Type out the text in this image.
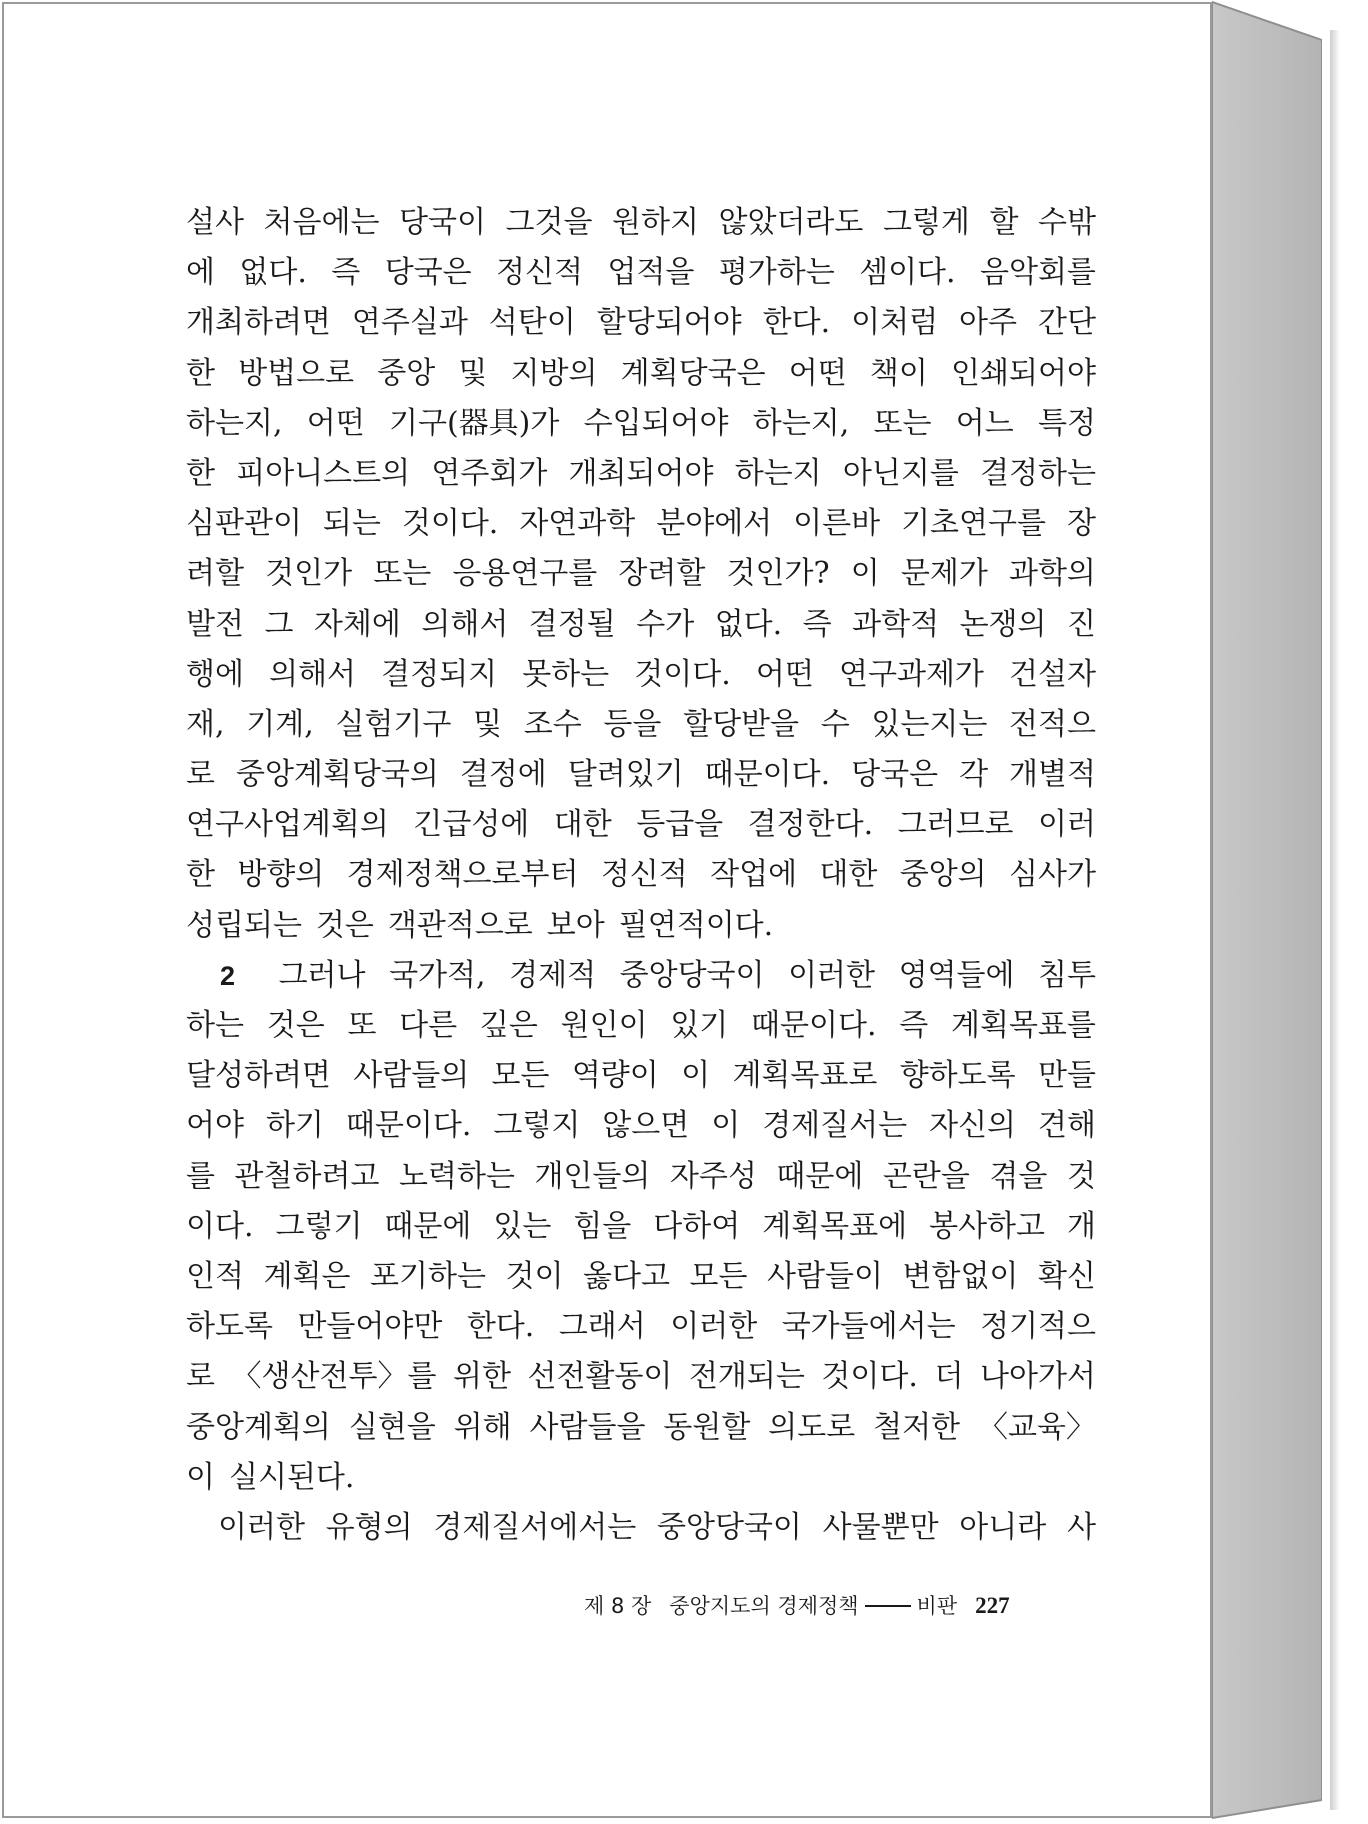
설사 처음에는 당국이 그것을 원하지 않았더라도 그렇게 할 수밖
에 없다. 즉 당국은 정신적 업적을 평가하는 셈이다. 음악회를
개최하려면 연주실과 석탄이 할당되어야 한다. 이처럼 아주 간단
한 방법으로 중앙 및 지방의 계획당국은 어떤 책이 인쇄되어야
하는지, 어떤 기구(器具)가 수입되어야 하는지, 또는 어느 특정
한 피아니스트의 연주회가 개최되어야 하는지 아닌지를 결정하는
심판관이 되는 것이다. 자연과학 분야에서 이른바 기초연구를 장
려할 것인가 또는 응용연구를 장려할 것인가? 이 문제가 과학의
발전 그 자체에 의해서 결정될 수가 없다. 즉 과학적 논쟁의 진
행에 의해서 결정되지 못하는 것이다. 어떤 연구과제가 건설자
재, 기계, 실험기구 및 조수 등을 할당받을 수 있는지는 전적으
로 중앙계획당국의 결정에 달려있기 때문이다. 당국은 각 개별적
연구사업계획의 긴급성에 대한 등급을 결정한다. 그러므로 이러
한 방향의 경제정책으로부터 정신적 작업에 대한 중앙의 심사가
성립되는 것은 객관적으로 보아 필연적이다.
2 그러나 국가적, 경제적 중앙당국이 이러한 영역들에 침투
하는 것은 또 다른 깊은 원인이 있기 때문이다. 즉 계획목표를
달성하려면 사람들의 모든 역량이 이 계획목표로 향하도록 만들
어야 하기 때문이다. 그렇지 않으면 이 경제질서는 자신의 견해
를 관철하려고 노력하는 개인들의 자주성 때문에 곤란을 겪을 것
이다. 그렇기 때문에 있는 힘을 다하여 계획목표에 봉사하고 개
인적 계획은 포기하는 것이 옳다고 모든 사람들이 변함없이 확신
하도록 만들어야만 한다. 그래서 이러한 국가들에서는 정기적으
로 〈생산전투〉를 위한 선전활동이 전개되는 것이다. 더 나아가서
중앙계획의 실현을 위해 사람들을 동원할 의도로 철저한 〈교육〉
이 실시된다.
이러한 유형의 경제질서에서는 중앙당국이 사물뿐만 아니라 사
제 8 장 중앙지도의 경제정책	비판 227
